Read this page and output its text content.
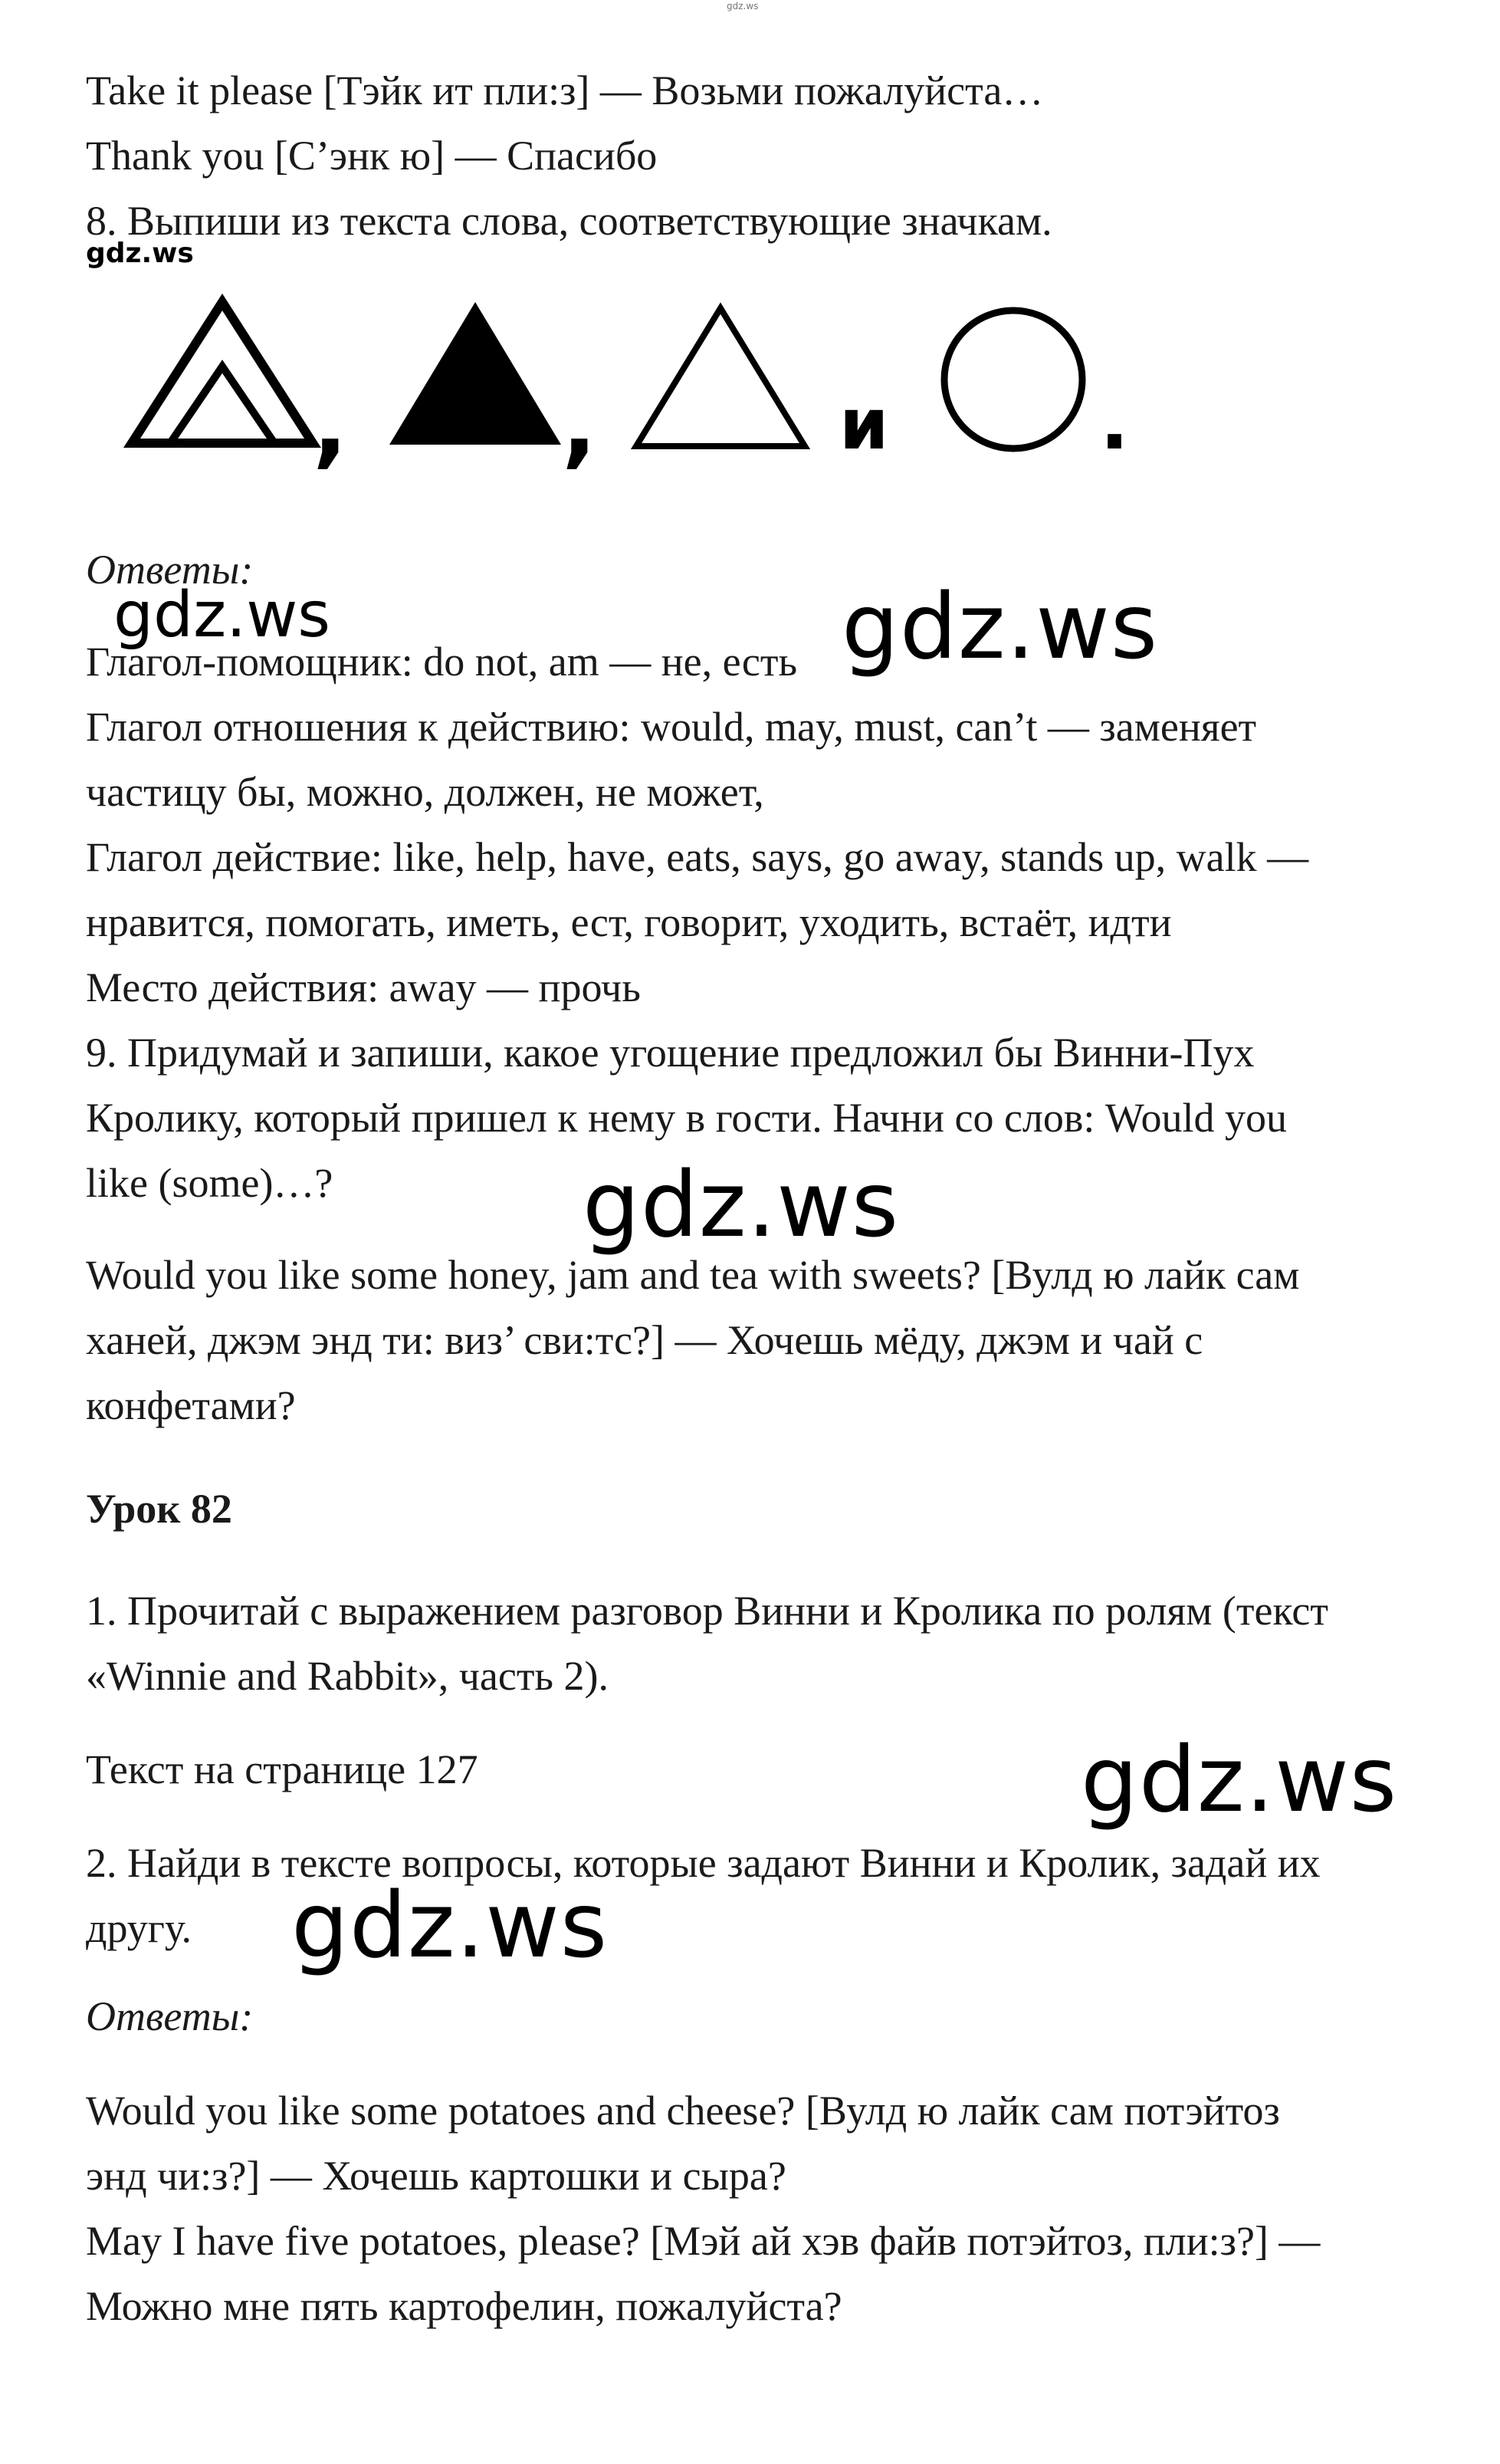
gdz.ws
Take it please [Тэйк ит пли:з] — Возьми пожалуйста…
Thank you [С’энк ю] — Спасибо
8. Выпиши из текста слова, соответствующие значкам.
gdz.ws
, ,	и	.
Ответы:
gdz.ws	gdz.ws
Глагол-помощник: do not, am — не, есть
Глагол отношения к действию: would, may, must, can’t — заменяет
частицу бы, можно, должен, не может,
Глагол действие: like, help, have, eats, says, go away, stands up, walk —
нравится, помогать, иметь, ест, говорит, уходить, встаёт, идти
Место действия: away — прочь
9. Придумай и запиши, какое угощение предложил бы Винни-Пух
Кролику, который пришел к нему в гости. Начни со слов: Would you
like (some)…?	gdz.ws
Would you like some honey, jam and tea with sweets? [Вулд ю лайк сам
ханей, джэм энд ти: виз’ сви:тс?] — Хочешь мёду, джэм и чай с
конфетами?
Урок 82
1. Прочитай с выражением разговор Винни и Кролика по ролям (текст
«Winnie and Rabbit», часть 2).
Текст на странице 127	gdz.ws
2. Найди в тексте вопросы, которые задают Винни и Кролик, задай их
другу. gdz.ws
Ответы:
Would you like some potatoes and cheese? [Вулд ю лайк сам потэйтоз
энд чи:з?] — Хочешь картошки и сыра?
May I have five potatoes, please? [Мэй ай хэв файв потэйтоз, пли:з?] —
Можно мне пять картофелин, пожалуйста?
